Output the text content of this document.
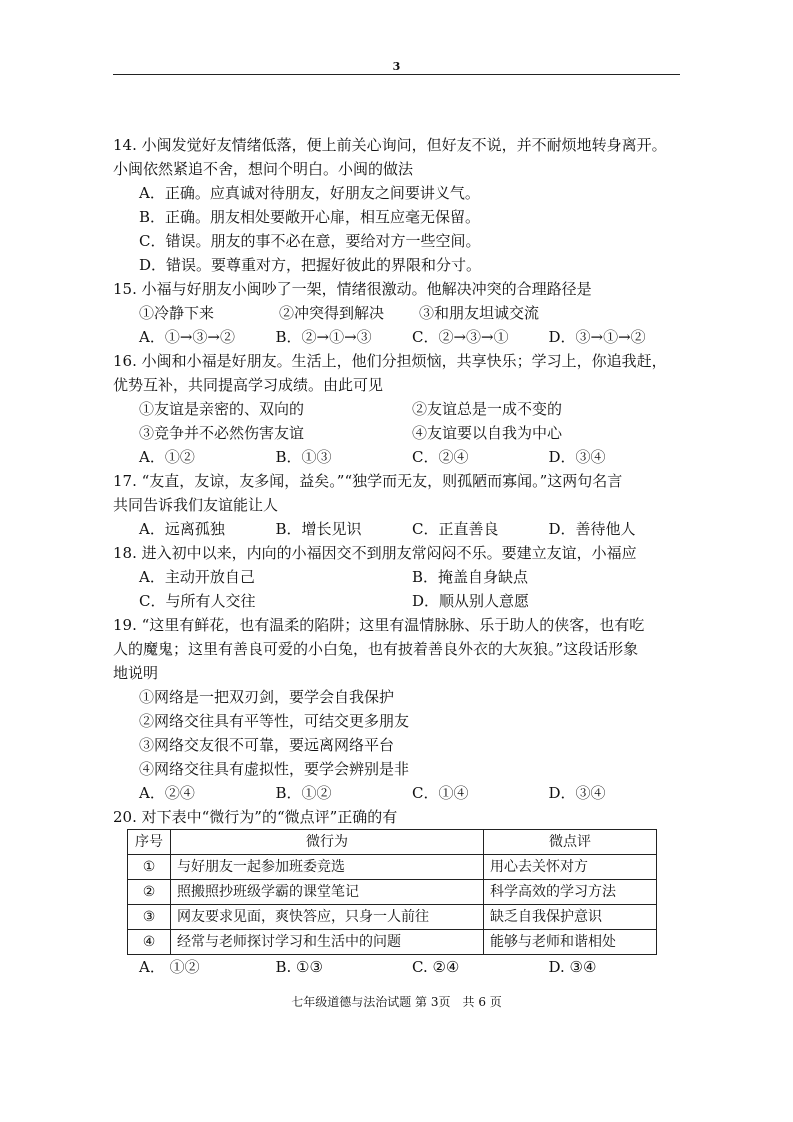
3
14. 小闽发觉好友情绪低落，便上前关心询问，但好友不说，并不耐烦地转身离开。
小闽依然紧追不舍，想问个明白。小闽的做法
A．正确。应真诚对待朋友，好朋友之间要讲义气。
B．正确。朋友相处要敞开心扉，相互应毫无保留。
C．错误。朋友的事不必在意，要给对方一些空间。
D．错误。要尊重对方，把握好彼此的界限和分寸。
15. 小福与好朋友小闽吵了一架，情绪很激动。他解决冲突的合理路径是
①冷静下来	②冲突得到解决	③和朋友坦诚交流
A．①→③→②	B．②→①→③	C．②→③→①	D．③→①→②
16. 小闽和小福是好朋友。生活上，他们分担烦恼，共享快乐；学习上，你追我赶，
优势互补，共同提高学习成绩。由此可见
①友谊是亲密的、双向的	②友谊总是一成不变的
③竞争并不必然伤害友谊	④友谊要以自我为中心
A．①②	B．①③	C．②④	D．③④
17. “友直，友谅，友多闻，益矣。”“独学而无友，则孤陋而寡闻。”这两句名言
共同告诉我们友谊能让人
A．远离孤独	B．增长见识	C．正直善良	D．善待他人
18. 进入初中以来，内向的小福因交不到朋友常闷闷不乐。要建立友谊，小福应
A．主动开放自己	B．掩盖自身缺点
C．与所有人交往	D．顺从别人意愿
19. “这里有鲜花，也有温柔的陷阱；这里有温情脉脉、乐于助人的侠客，也有吃
人的魔鬼；这里有善良可爱的小白兔，也有披着善良外衣的大灰狼。”这段话形象
地说明
①网络是一把双刃剑，要学会自我保护
②网络交往具有平等性，可结交更多朋友
③网络交友很不可靠，要远离网络平台
④网络交往具有虚拟性，要学会辨别是非
A．②④	B．①②	C．①④	D．③④
20. 对下表中“微行为”的“微点评”正确的有
序号	微行为	微点评
①	与好朋友一起参加班委竞选	用心去关怀对方
②	照搬照抄班级学霸的课堂笔记	科学高效的学习方法
③	网友要求见面，爽快答应，只身一人前往	缺乏自我保护意识
④	经常与老师探讨学习和生活中的问题	能够与老师和谐相处
A． ①②	B. ①③	C. ②④	D. ③④
七年级道德与法治试题 第 3页　共 6 页
